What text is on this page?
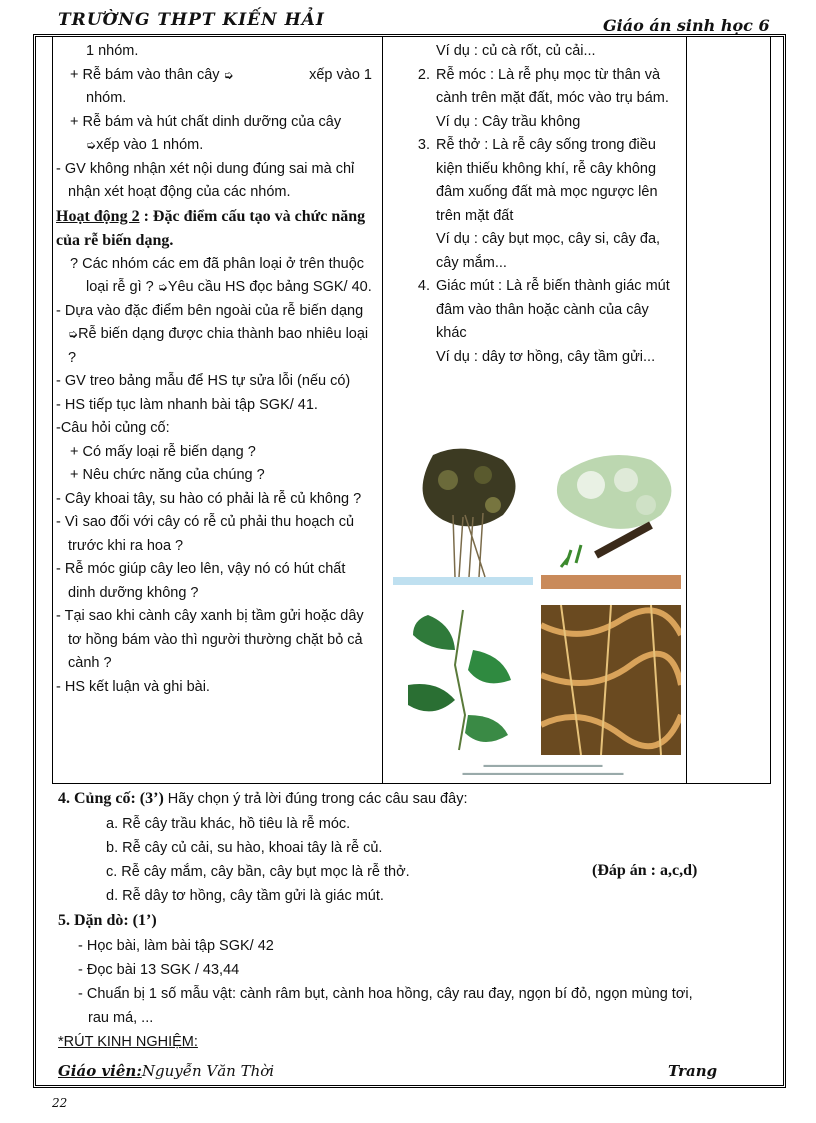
TRƯỜNG THPT KIẾN HẢI	Giáo án sinh học 6

1 nhóm.

+ Rễ bám vào thân cây ➭	xếp vào 1

nhóm.

+ Rễ bám và hút chất dinh dưỡng của cây

➭xếp vào 1 nhóm.

- GV không nhận xét nội dung đúng sai mà chỉ nhận xét hoạt động của các nhóm.

Hoạt động 2 : Đặc điểm cấu tạo và chức năng của rễ biến dạng.

? Các nhóm các em đã phân loại ở trên thuộc loại rễ gì ? ➭Yêu cầu HS đọc bảng SGK/ 40.

- Dựa vào đặc điểm bên ngoài của rễ biến dạng ➭Rễ biến dạng được chia thành bao nhiêu loại ?

- GV treo bảng mẫu để HS tự sửa lỗi (nếu có)

- HS tiếp tục làm nhanh bài tập SGK/ 41.

-Câu hỏi củng cố:

+ Có mấy loại rễ biến dạng ?

+ Nêu chức năng của chúng ?

- Cây khoai tây, su hào có phải là rễ củ không ?

- Vì sao đối với cây có rễ củ phải thu hoạch củ trước khi ra hoa ?

- Rễ móc giúp cây leo lên, vậy nó có hút chất dinh dưỡng không ?

- Tại sao khi cành cây xanh bị tầm gửi hoặc dây tơ hồng bám vào thì người thường chặt bỏ cả cành ?

- HS kết luận và ghi bài.

Ví dụ : củ cà rốt, củ cải...

2. Rễ móc : Là rễ phụ mọc từ thân và cành trên mặt đất, móc vào trụ bám.
Ví dụ : Cây trầu không
3. Rễ thở : Là rễ cây sống trong điều kiện thiếu không khí, rễ cây không đâm xuống đất mà mọc ngược lên trên mặt đất
Ví dụ : cây bụt mọc, cây si, cây đa, cây mắm...
4. Giác mút : Là rễ biến thành giác mút đâm vào thân hoặc cành của cây khác
Ví dụ : dây tơ hồng, cây tầm gửi...
▬▬▬▬▬▬▬▬▬▬▬▬▬▬▬▬▬
▬▬▬▬▬▬▬▬▬▬▬▬▬▬▬▬▬▬▬▬▬▬▬
4. Củng cố: (3’) Hãy chọn ý trả lời đúng trong các câu sau đây:
a. Rễ cây trầu khác, hồ tiêu là rễ móc.
b. Rễ cây củ cải, su hào, khoai tây là rễ củ.
c. Rễ cây mắm, cây bần, cây bụt mọc là rễ thở.	(Đáp án : a,c,d)
d. Rễ dây tơ hồng, cây tầm gửi là giác mút.
5. Dặn dò: (1’)
- Học bài, làm bài tập SGK/ 42
- Đọc bài 13 SGK / 43,44
- Chuẩn bị 1 số mẫu vật: cành râm bụt, cành hoa hồng, cây rau đay, ngọn bí đỏ, ngọn mùng tơi,
rau má, ...
*RÚT KINH NGHIỆM:
Giáo viên:Nguyễn Văn Thời	Trang
22
